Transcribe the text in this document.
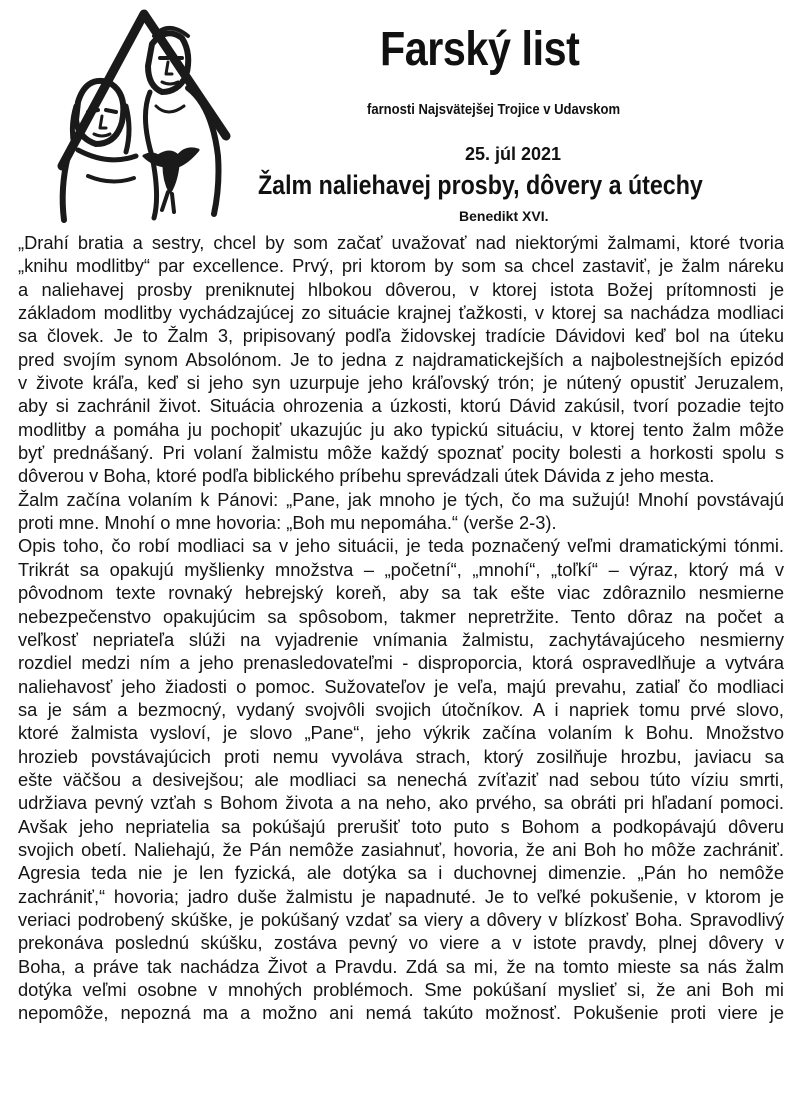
Farský list
farnosti Najsvätejšej Trojice v Udavskom
25. júl 2021
Žalm naliehavej prosby, dôvery a útechy
Benedikt XVI.
„Drahí bratia a sestry, chcel by som začať uvažovať nad niektorými žalmami, ktoré tvoria
„knihu modlitby“ par excellence. Prvý, pri ktorom by som sa chcel zastaviť, je žalm náreku
a naliehavej prosby preniknutej hlbokou dôverou, v ktorej istota Božej prítomnosti je
základom modlitby vychádzajúcej zo situácie krajnej ťažkosti, v ktorej sa nachádza modliaci
sa človek. Je to Žalm 3, pripisovaný podľa židovskej tradície Dávidovi keď bol na úteku
pred svojím synom Absolónom. Je to jedna z najdramatickejších a najbolestnejších epizód
v živote kráľa, keď si jeho syn uzurpuje jeho kráľovský trón; je nútený opustiť Jeruzalem,
aby si zachránil život. Situácia ohrozenia a úzkosti, ktorú Dávid zakúsil, tvorí pozadie tejto
modlitby a pomáha ju pochopiť ukazujúc ju ako typickú situáciu, v ktorej tento žalm môže
byť prednášaný. Pri volaní žalmistu môže každý spoznať pocity bolesti a horkosti spolu s
dôverou v Boha, ktoré podľa biblického príbehu sprevádzali útek Dávida z jeho mesta.
Žalm začína volaním k Pánovi: „Pane, jak mnoho je tých, čo ma sužujú! Mnohí povstávajú
proti mne. Mnohí o mne hovoria: „Boh mu nepomáha.“ (verše 2-3).
Opis toho, čo robí modliaci sa v jeho situácii, je teda poznačený veľmi dramatickými tónmi.
Trikrát sa opakujú myšlienky množstva – „početní“, „mnohí“, „toľkí“ – výraz, ktorý má v
pôvodnom texte rovnaký hebrejský koreň, aby sa tak ešte viac zdôraznilo nesmierne
nebezpečenstvo opakujúcim sa spôsobom, takmer nepretržite. Tento dôraz na počet a
veľkosť nepriateľa slúži na vyjadrenie vnímania žalmistu, zachytávajúceho nesmierny
rozdiel medzi ním a jeho prenasledovateľmi - disproporcia, ktorá ospravedlňuje a vytvára
naliehavosť jeho žiadosti o pomoc. Sužovateľov je veľa, majú prevahu, zatiaľ čo modliaci
sa je sám a bezmocný, vydaný svojvôli svojich útočníkov. A i napriek tomu prvé slovo,
ktoré žalmista vysloví, je slovo „Pane“, jeho výkrik začína volaním k Bohu. Množstvo
hrozieb povstávajúcich proti nemu vyvoláva strach, ktorý zosilňuje hrozbu, javiacu sa
ešte väčšou a desivejšou; ale modliaci sa nenechá zvíťaziť nad sebou túto víziu smrti,
udržiava pevný vzťah s Bohom života a na neho, ako prvého, sa obráti pri hľadaní pomoci.
Avšak jeho nepriatelia sa pokúšajú prerušiť toto puto s Bohom a podkopávajú dôveru
svojich obetí. Naliehajú, že Pán nemôže zasiahnuť, hovoria, že ani Boh ho môže zachrániť.
Agresia teda nie je len fyzická, ale dotýka sa i duchovnej dimenzie. „Pán ho nemôže
zachrániť,“ hovoria; jadro duše žalmistu je napadnuté. Je to veľké pokušenie, v ktorom je
veriaci podrobený skúške, je pokúšaný vzdať sa viery a dôvery v blízkosť Boha. Spravodlivý
prekonáva poslednú skúšku, zostáva pevný vo viere a v istote pravdy, plnej dôvery v
Boha, a práve tak nachádza Život a Pravdu. Zdá sa mi, že na tomto mieste sa nás žalm
dotýka veľmi osobne v mnohých problémoch. Sme pokúšaní myslieť si, že ani Boh mi
nepomôže, nepozná ma a možno ani nemá takúto možnosť. Pokušenie proti viere je
